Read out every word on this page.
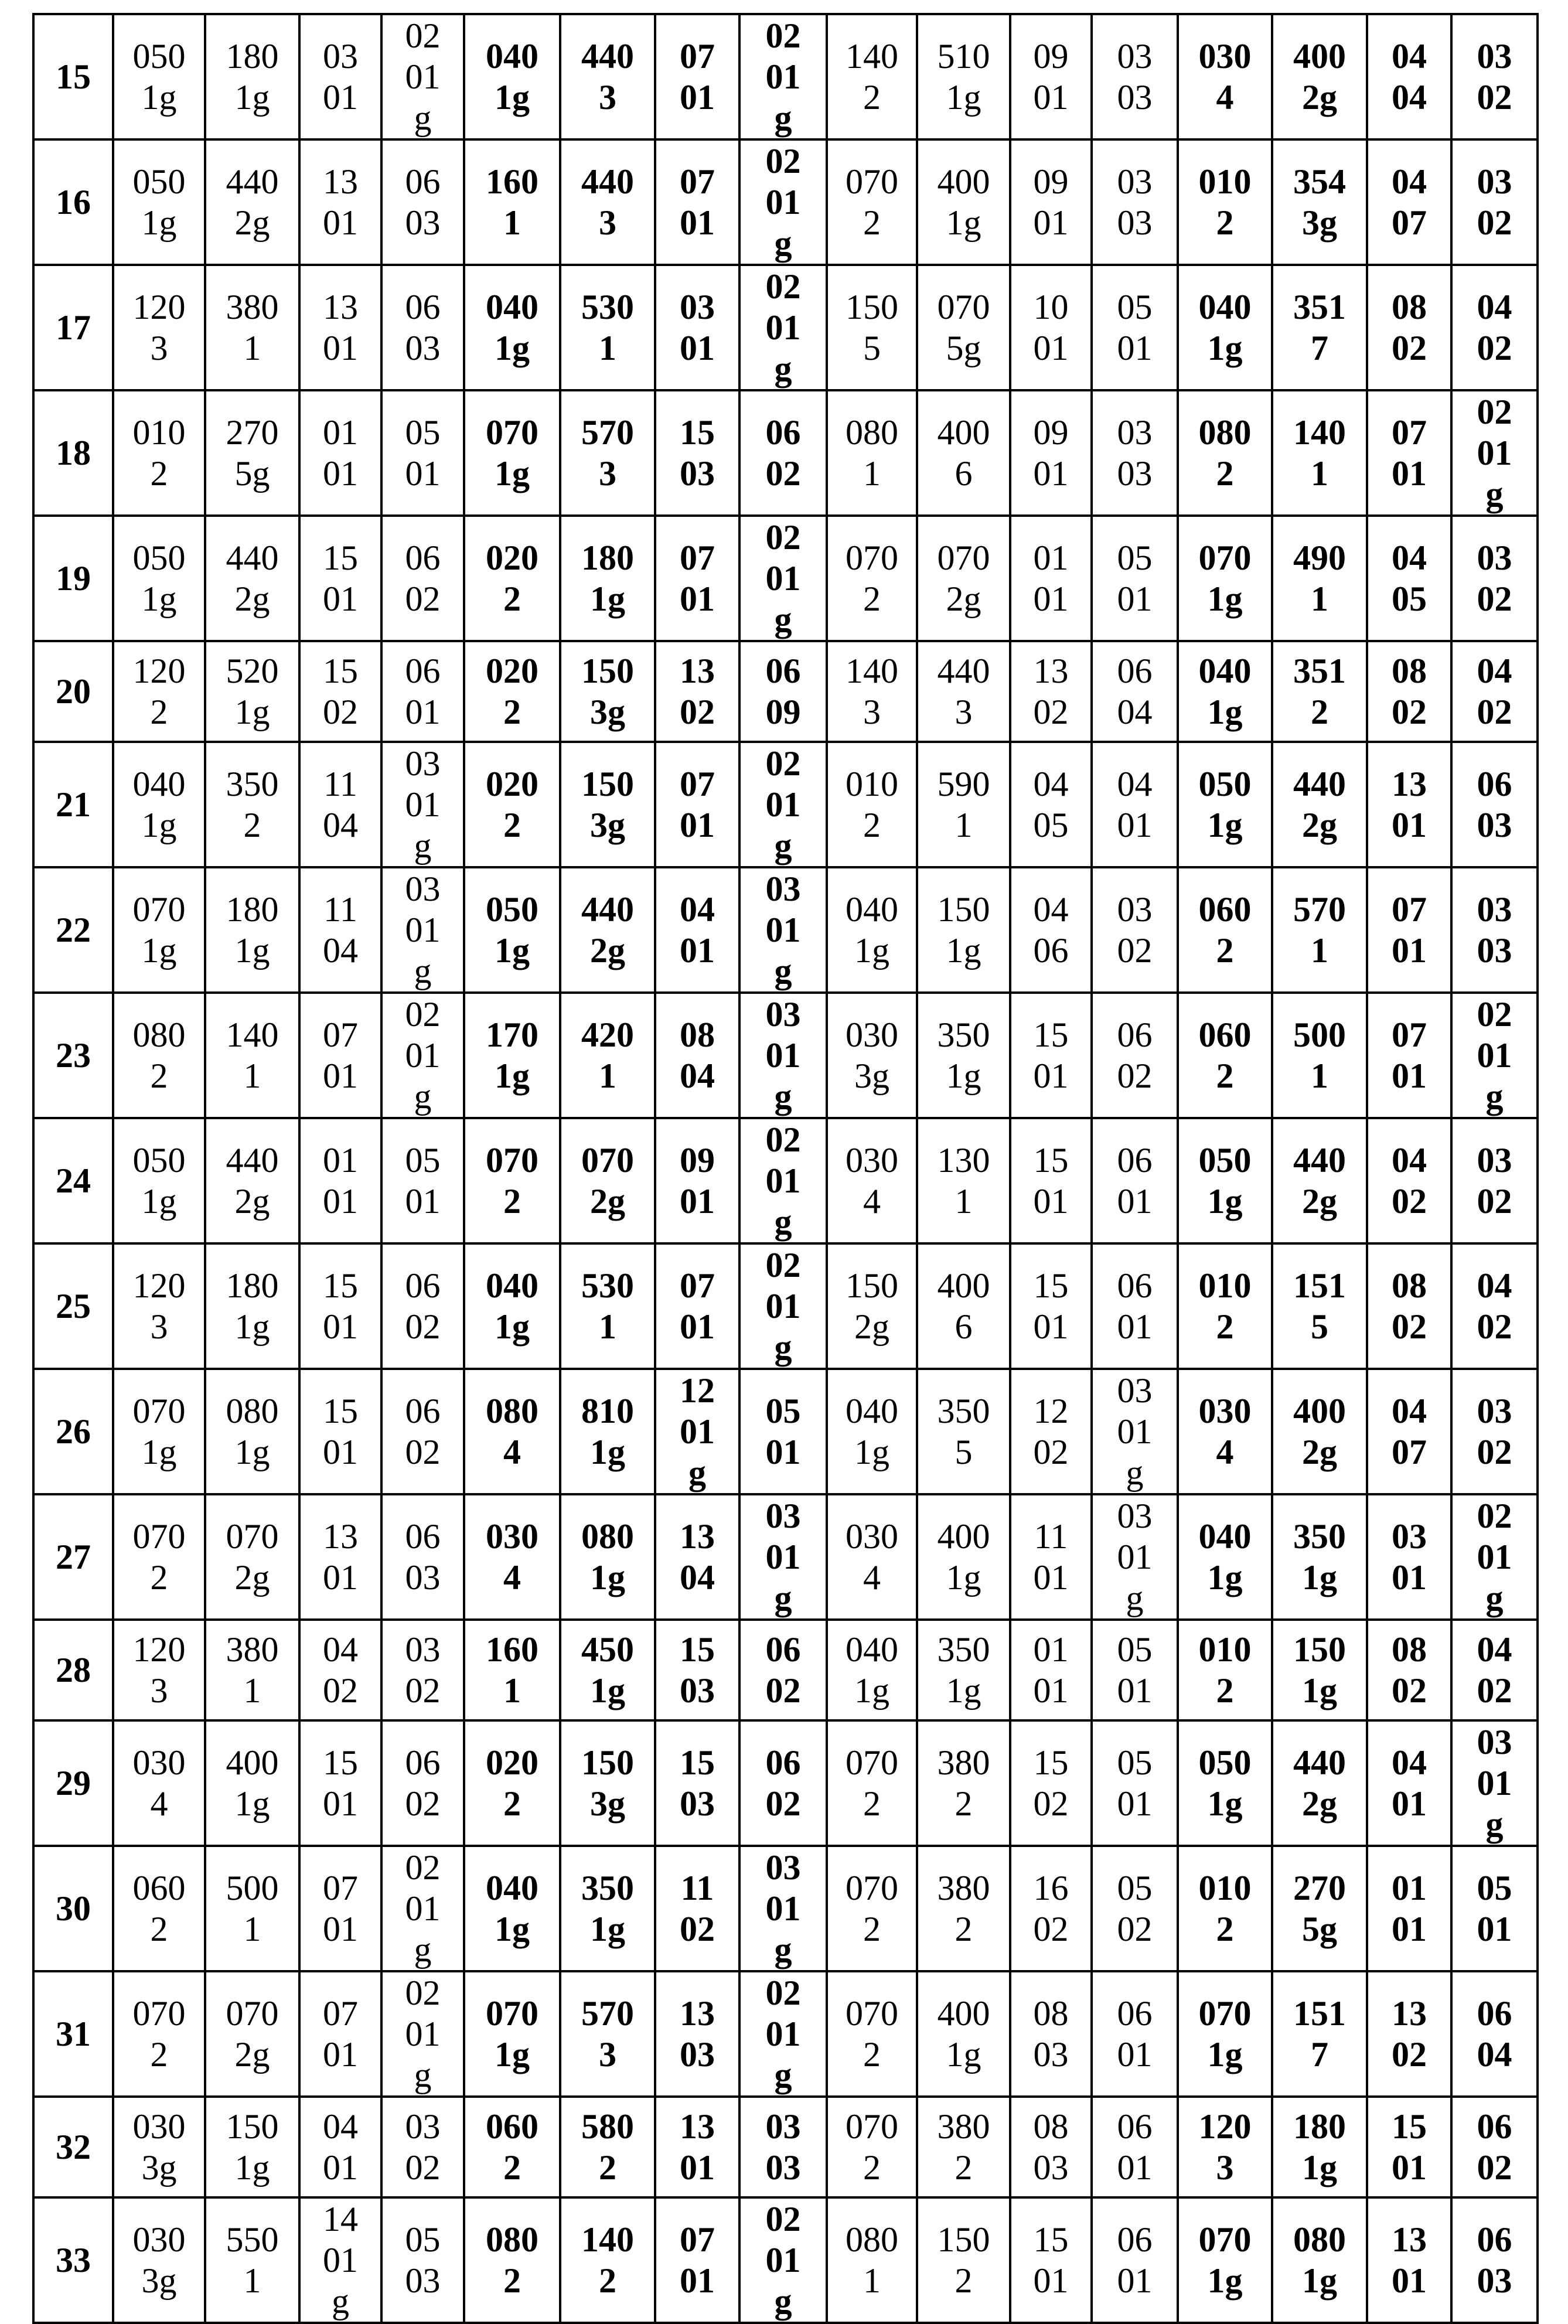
15	0501g	1801g	0301	0201g	0401g	4403	0701	0201g	1402	5101g	0901	0303	0304	4002g	0404	0302
16	0501g	4402g	1301	0603	1601	4403	0701	0201g	0702	4001g	0901	0303	0102	3543g	0407	0302
17	1203	3801	1301	0603	0401g	5301	0301	0201g	1505	0705g	1001	0501	0401g	3517	0802	0402
18	0102	2705g	0101	0501	0701g	5703	1503	0602	0801	4006	0901	0303	0802	1401	0701	0201g
19	0501g	4402g	1501	0602	0202	1801g	0701	0201g	0702	0702g	0101	0501	0701g	4901	0405	0302
20	1202	5201g	1502	0601	0202	1503g	1302	0609	1403	4403	1302	0604	0401g	3512	0802	0402
21	0401g	3502	1104	0301g	0202	1503g	0701	0201g	0102	5901	0405	0401	0501g	4402g	1301	0603
22	0701g	1801g	1104	0301g	0501g	4402g	0401	0301g	0401g	1501g	0406	0302	0602	5701	0701	0303
23	0802	1401	0701	0201g	1701g	4201	0804	0301g	0303g	3501g	1501	0602	0602	5001	0701	0201g
24	0501g	4402g	0101	0501	0702	0702g	0901	0201g	0304	1301	1501	0601	0501g	4402g	0402	0302
25	1203	1801g	1501	0602	0401g	5301	0701	0201g	1502g	4006	1501	0601	0102	1515	0802	0402
26	0701g	0801g	1501	0602	0804	8101g	1201g	0501	0401g	3505	1202	0301g	0304	4002g	0407	0302
27	0702	0702g	1301	0603	0304	0801g	1304	0301g	0304	4001g	1101	0301g	0401g	3501g	0301	0201g
28	1203	3801	0402	0302	1601	4501g	1503	0602	0401g	3501g	0101	0501	0102	1501g	0802	0402
29	0304	4001g	1501	0602	0202	1503g	1503	0602	0702	3802	1502	0501	0501g	4402g	0401	0301g
30	0602	5001	0701	0201g	0401g	3501g	1102	0301g	0702	3802	1602	0502	0102	2705g	0101	0501
31	0702	0702g	0701	0201g	0701g	5703	1303	0201g	0702	4001g	0803	0601	0701g	1517	1302	0604
32	0303g	1501g	0401	0302	0602	5802	1301	0303	0702	3802	0803	0601	1203	1801g	1501	0602
33	0303g	5501	1401g	0503	0802	1402	0701	0201g	0801	1502	1501	0601	0701g	0801g	1301	0603
